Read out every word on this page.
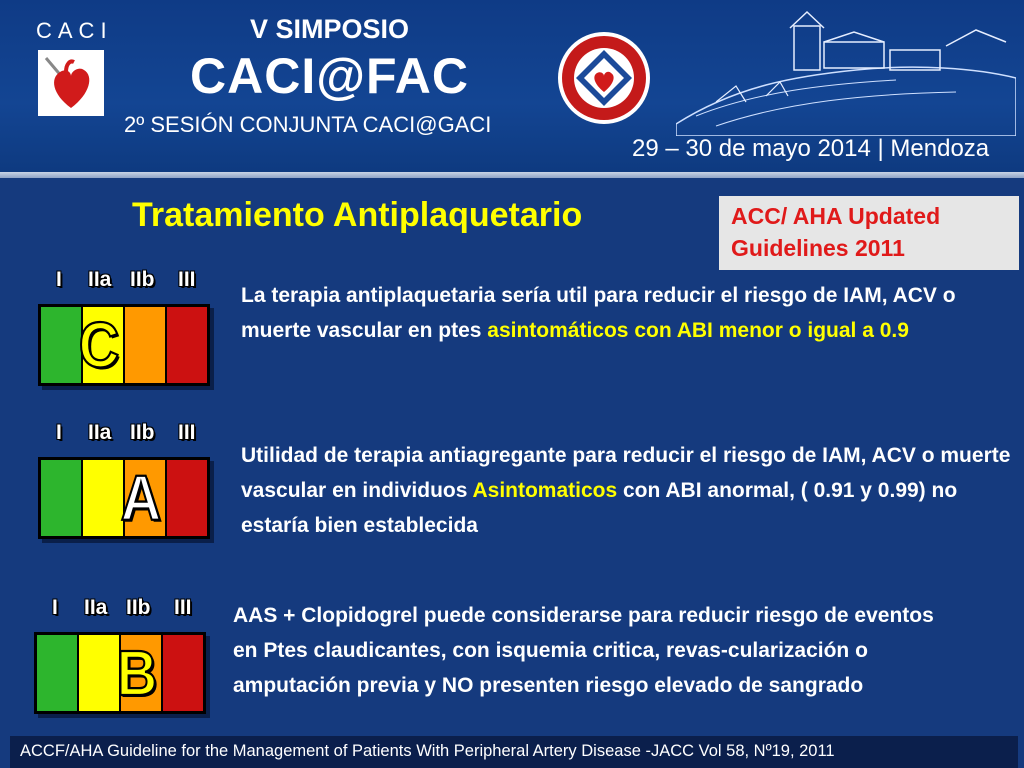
CACI	V SIMPOSIO
CACI@FAC
2º SESIÓN CONJUNTA CACI@GACI
29 – 30 de mayo 2014 | Mendoza
Tratamiento Antiplaquetario	ACC/ AHA Updated
Guidelines 2011
I IIa IIb III
C
La terapia antiplaquetaria sería util para reducir el riesgo de IAM, ACV o muerte vascular en ptes asintomáticos con ABI menor o igual a 0.9
I IIa IIb III
A
Utilidad de terapia antiagregante para reducir el riesgo de IAM, ACV o muerte vascular en individuos Asintomaticos con ABI anormal, ( 0.91 y 0.99) no estaría bien establecida
I IIa IIb III
B
AAS + Clopidogrel puede considerarse para reducir riesgo de eventos en Ptes claudicantes, con isquemia critica, revas-cularización o amputación previa y NO presenten riesgo elevado de sangrado
ACCF/AHA Guideline for the Management of Patients With Peripheral Artery Disease -JACC Vol 58, Nº19, 2011
